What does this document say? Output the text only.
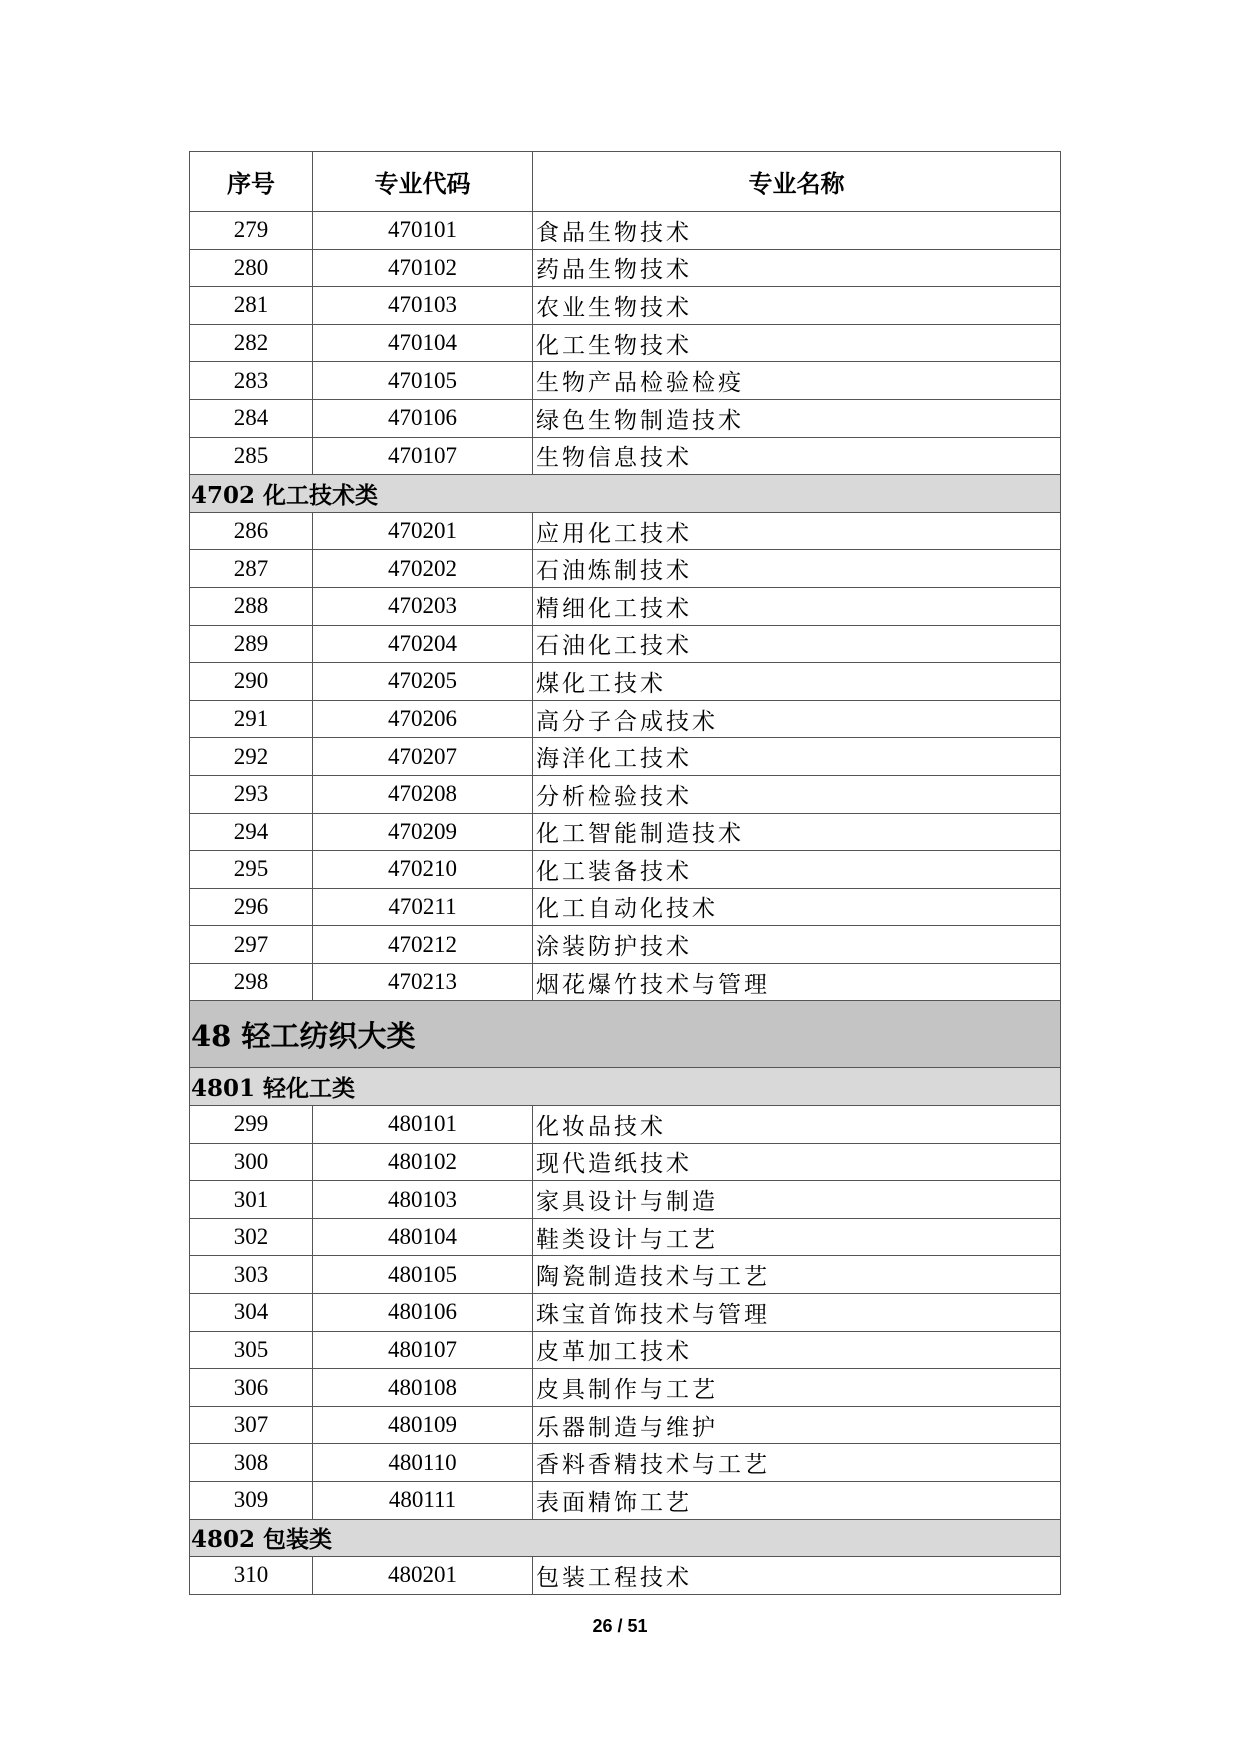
序号	专业代码	专业名称
279	470101	食品生物技术
280	470102	药品生物技术
281	470103	农业生物技术
282	470104	化工生物技术
283	470105	生物产品检验检疫
284	470106	绿色生物制造技术
285	470107	生物信息技术
4702 化工技术类		
286	470201	应用化工技术
287	470202	石油炼制技术
288	470203	精细化工技术
289	470204	石油化工技术
290	470205	煤化工技术
291	470206	高分子合成技术
292	470207	海洋化工技术
293	470208	分析检验技术
294	470209	化工智能制造技术
295	470210	化工装备技术
296	470211	化工自动化技术
297	470212	涂装防护技术
298	470213	烟花爆竹技术与管理
48 轻工纺织大类		
4801 轻化工类		
299	480101	化妆品技术
300	480102	现代造纸技术
301	480103	家具设计与制造
302	480104	鞋类设计与工艺
303	480105	陶瓷制造技术与工艺
304	480106	珠宝首饰技术与管理
305	480107	皮革加工技术
306	480108	皮具制作与工艺
307	480109	乐器制造与维护
308	480110	香料香精技术与工艺
309	480111	表面精饰工艺
4802 包装类		
310	480201	包装工程技术
26 / 51
